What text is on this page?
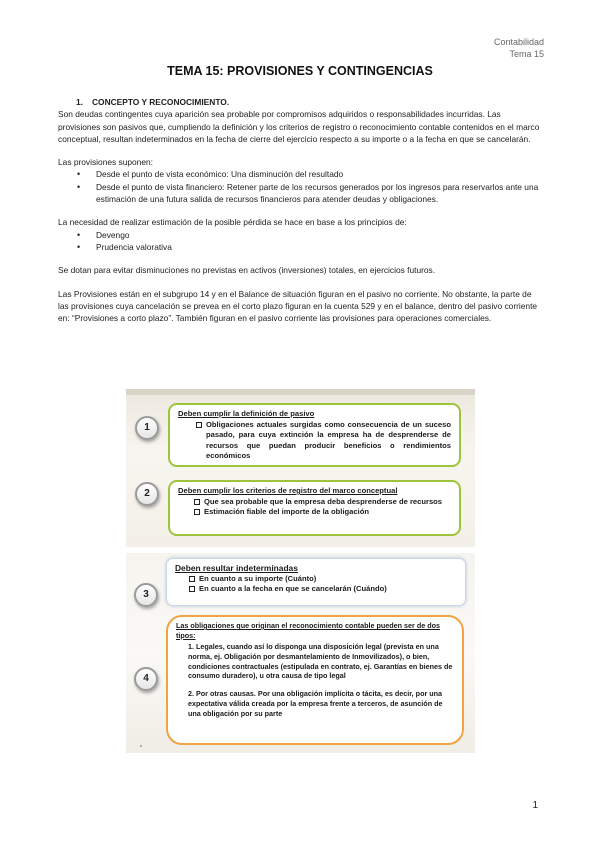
Contabilidad
Tema 15
TEMA 15: PROVISIONES Y CONTINGENCIAS
1. CONCEPTO Y RECONOCIMIENTO.
Son deudas contingentes cuya aparición sea probable por compromisos adquiridos o responsabilidades incurridas. Las provisiones son pasivos que, cumpliendo la definición y los criterios de registro o reconocimiento contable contenidos en el marco conceptual, resultan indeterminados en la fecha de cierre del ejercicio respecto a su importe o a la fecha en que se cancelarán.
Las provisiones suponen:
• Desde el punto de vista económico: Una disminución del resultado
• Desde el punto de vista financiero: Retener parte de los recursos generados por los ingresos para reservarlos ante una estimación de una futura salida de recursos financieros para atender deudas y obligaciones.
La necesidad de realizar estimación de la posible pérdida se hace en base a los principios de:
• Devengo
• Prudencia valorativa
Se dotan para evitar disminuciones no previstas en activos (inversiones) totales, en ejercicios futuros.
Las Provisiones están en el subgrupo 14 y en el Balance de situación figuran en el pasivo no corriente. No obstante, la parte de las provisiones cuya cancelación se prevea en el corto plazo figuran en la cuenta 529 y en el balance, dentro del pasivo corriente en: “Provisiones a corto plazo”. También figuran en el pasivo corriente las provisiones para operaciones comerciales.
1
Deben cumplir la definición de pasivo
Obligaciones actuales surgidas como consecuencia de un suceso pasado, para cuya extinción la empresa ha de desprenderse de recursos que puedan producir beneficios o rendimientos económicos
2	Deben cumplir los criterios de registro del marco conceptual
Que sea probable que la empresa deba desprenderse de recursos
Estimación fiable del importe de la obligación
3
Deben resultar indeterminadas
En cuanto a su importe (Cuánto)
En cuanto a la fecha en que se cancelarán (Cuándo)
4
Las obligaciones que originan el reconocimiento contable pueden ser de dos tipos:
1. Legales, cuando así lo disponga una disposición legal (prevista en una norma, ej. Obligación por desmantelamiento de Inmovilizados), o bien, condiciones contractuales (estipulada en contrato, ej. Garantías en bienes de consumo duradero), u otra causa de tipo legal
2. Por otras causas. Por una obligación implícita o tácita, es decir, por una expectativa válida creada por la empresa frente a terceros, de asunción de una obligación por su parte
1
